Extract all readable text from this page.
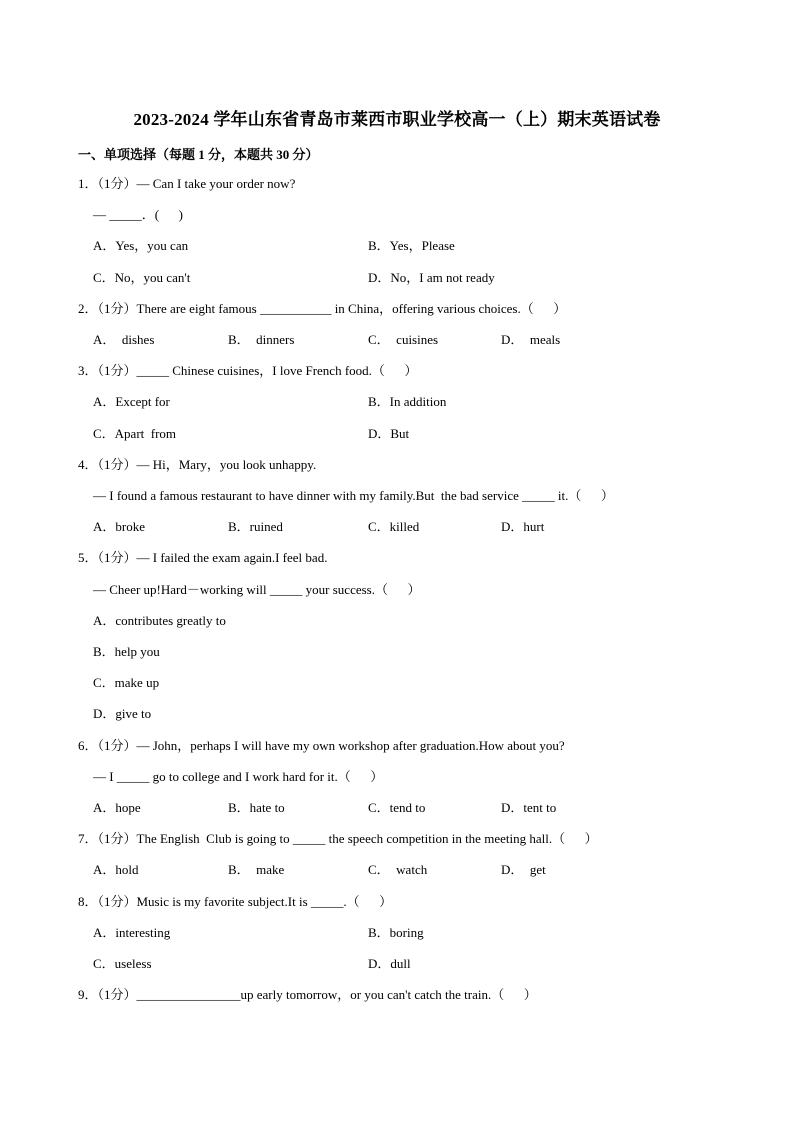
2023-2024 学年山东省青岛市莱西市职业学校高一（上）期末英语试卷
一、单项选择（每题 1 分，本题共 30 分）
1．（1分）— Can I take your order now?
— _____．(      )
A．Yes，you can	B．Yes，Please
C．No，you can't	D．No，I am not ready
2．（1分）There are eight famous ___________ in China，offering various choices.（      ）
A．  dishes	B．  dinners	C．  cuisines	D．  meals
3．（1分）_____ Chinese cuisines，I love French food.（      ）
A．Except for	B．In addition
C．Apart  from	D．But
4．（1分）— Hi，Mary，you look unhappy.
— I found a famous restaurant to have dinner with my family.But  the bad service _____ it.（      ）
A．broke	B．ruined	C．killed	D．hurt
5．（1分）— I failed the exam again.I feel bad.
— Cheer up!Hard－working will _____ your success.（      ）
A．contributes greatly to
B．help you
C．make up
D．give to
6．（1分）— John，perhaps I will have my own workshop after graduation.How about you?
— I _____ go to college and I work hard for it.（      ）
A．hope	B．hate to	C．tend to	D．tent to
7．（1分）The English  Club is going to _____ the speech competition in the meeting hall.（      ）
A．hold	B．  make	C．  watch	D．  get
8．（1分）Music is my favorite subject.It is _____.（      ）
A．interesting	B．boring
C．useless	D．dull
9．（1分）________________up early tomorrow，or you can't catch the train.（      ）
